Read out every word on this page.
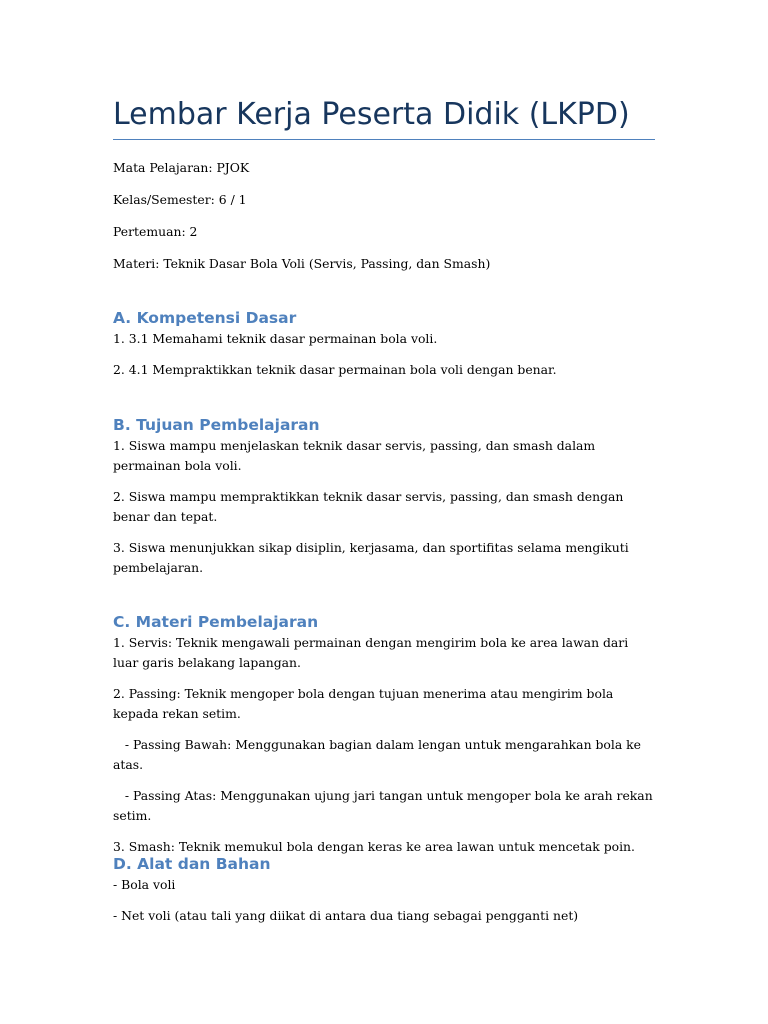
Lembar Kerja Peserta Didik (LKPD)

Mata Pelajaran: PJOK

Kelas/Semester: 6 / 1

Pertemuan: 2

Materi: Teknik Dasar Bola Voli (Servis, Passing, dan Smash)

A. Kompetensi Dasar

1. 3.1 Memahami teknik dasar permainan bola voli.

2. 4.1 Mempraktikkan teknik dasar permainan bola voli dengan benar.

B. Tujuan Pembelajaran

1. Siswa mampu menjelaskan teknik dasar servis, passing, dan smash dalam permainan bola voli.

2. Siswa mampu mempraktikkan teknik dasar servis, passing, dan smash dengan benar dan tepat.

3. Siswa menunjukkan sikap disiplin, kerjasama, dan sportifitas selama mengikuti pembelajaran.

C. Materi Pembelajaran

1. Servis: Teknik mengawali permainan dengan mengirim bola ke area lawan dari luar garis belakang lapangan.

2. Passing: Teknik mengoper bola dengan tujuan menerima atau mengirim bola kepada rekan setim.

- Passing Bawah: Menggunakan bagian dalam lengan untuk mengarahkan bola ke atas.

- Passing Atas: Menggunakan ujung jari tangan untuk mengoper bola ke arah rekan setim.

3. Smash: Teknik memukul bola dengan keras ke area lawan untuk mencetak poin.

D. Alat dan Bahan

- Bola voli

- Net voli (atau tali yang diikat di antara dua tiang sebagai pengganti net)
